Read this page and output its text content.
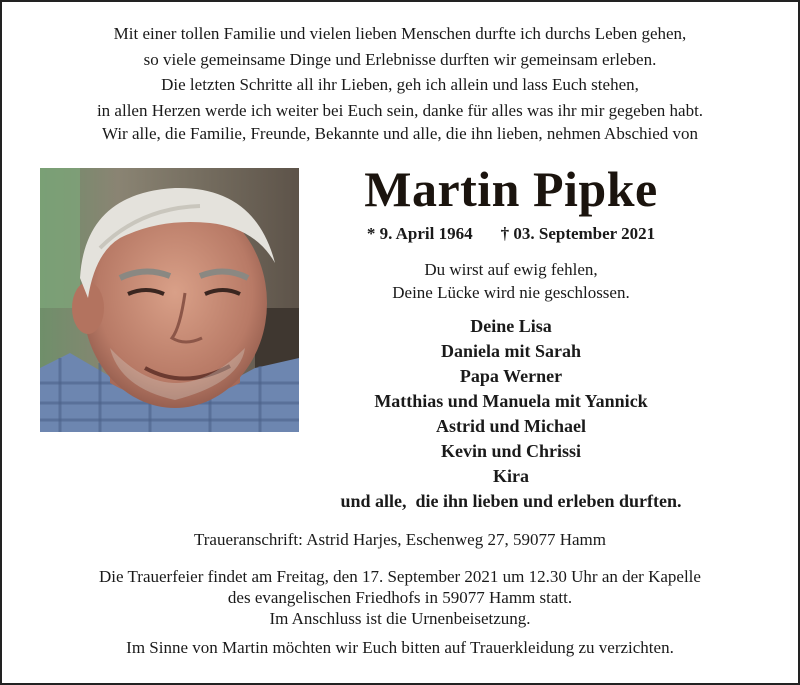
Mit einer tollen Familie und vielen lieben Menschen durfte ich durchs Leben gehen,
so viele gemeinsame Dinge und Erlebnisse durften wir gemeinsam erleben.
Die letzten Schritte all ihr Lieben, geh ich allein und lass Euch stehen,
in allen Herzen werde ich weiter bei Euch sein, danke für alles was ihr mir gegeben habt.
Wir alle, die Familie, Freunde, Bekannte und alle, die ihn lieben, nehmen Abschied von
Martin Pipke
* 9. April 1964 † 03. September 2021
Du wirst auf ewig fehlen,
Deine Lücke wird nie geschlossen.
Deine Lisa
Daniela mit Sarah
Papa Werner
Matthias und Manuela mit Yannick
Astrid und Michael
Kevin und Chrissi
Kira
und alle,  die ihn lieben und erleben durften.
Traueranschrift: Astrid Harjes, Eschenweg 27, 59077 Hamm
Die Trauerfeier findet am Freitag, den 17. September 2021 um 12.30 Uhr an der Kapelle
des evangelischen Friedhofs in 59077 Hamm statt.
Im Anschluss ist die Urnenbeisetzung.
Im Sinne von Martin möchten wir Euch bitten auf Trauerkleidung zu verzichten.
